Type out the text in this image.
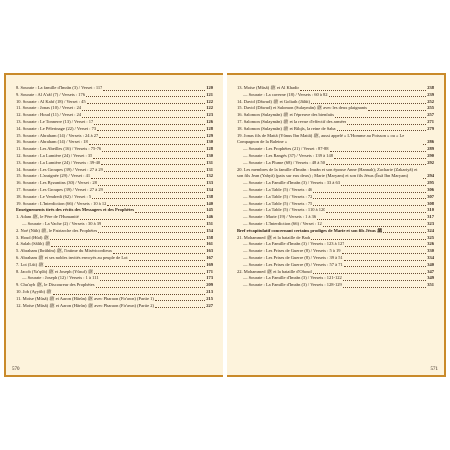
8. Sourate : La famille d'Imrân (3) / Verset : 117	120
9. Sourate : Al A'râf (7) / Versets : 176	121
10. Sourate : Al Kahf (18) / Verset : 45	122
11. Sourate : Jonas (10) / Verset : 24	122
12. Sourate : Houd (11) / Verset : 24	123
13. Sourate : Le Tonnerre (13) / Verset : 17	126
14. Sourate : Le Pèlerinage (22) / Verset : 73	128
15. Sourate : Abraham (14) / Versets : 24 à 27	129
16. Sourate : Abraham (14) / Verset : 18	130
11. Sourate : Les Abeilles (16) / Versets : 75-76	128
12. Sourate : La Lumière (24) / Verset : 35	130
13. Sourate : La Lumière (24) / Versets : 39-40	131
14. Sourate : Les Groupes (39) / Verset : 27 à 29	131
15. Sourate : L'araignée (29) / Verset : 41	132
16. Sourate : Les Byzantins (30) / Verset : 28	133
17. Sourate : Les Groupes (39) / Verset : 27 à 29	134
18. Sourate : Le Vendredi (62) / Verset : 5	138
19. Sourate : L'Interdiction (66) / Versets : 10 à 12	140
Enseignements tirés des récits des Messagers et des Prophètes	145
1. Adam ﷺ, le Père de l'Humanité	146
— Sourate : La Vache (2) / Versets : 30 à 39	151
2. Noé (Nûh) ﷺ, le Patriarche des Prophètes	154
3. Houd (Hûd) ﷺ	158
4. Salah (Sâlih) ﷺ	161
5. Abraham (Ibrâhîm) ﷺ, l'intime du Miséricordieux	163
6. Abraham ﷺ et ses nobles invités envoyés au peuple de Lot	167
7. Lot (Lût) ﷺ	169
8. Jacob (Ya'qûb) ﷺ et Joseph (Yûsuf) ﷺ	171
— Sourate : Joseph (12) / Versets : 1 à 111	173
9. Chu'ayb ﷺ, le Discoureur des Prophètes	209
10. Job (Ayyûb) ﷺ	213
11. Moïse (Mûsâ) ﷺ et Aaron (Hârûn) ﷺ avec Pharaon (Fir'awn) (Partie 1)	215
12. Moïse (Mûsâ) ﷺ et Aaron (Hârûn) ﷺ avec Pharaon (Fir'awn) (Partie 2)	227
570
13. Moïse (Mûsâ) ﷺ et Al Khadir	238
— Sourate : La caverne (18) / Versets : 60 à 82	239
14. David (Dâwud) ﷺ et Goliath (Jâlût)	252
15. David (Dâwud) et Salomon (Sulaymân) ﷺ avec les deux plaignants	255
16. Salomon (Sulaymân) ﷺ et l'épreuve des bienfaits	257
17. Salomon (Sulaymân) ﷺ et la revue d'effectif des armées	271
18. Salomon (Sulaymân) ﷺ et Bilqîs, la reine de Saba	279
19. Jonas fils de Mattâ (Yûnus Ibn Mattâ) ﷺ, aussi appelé « L'Homme au Poisson » ou « Le Compagnon de la Baleine »	286
— Sourate : Les Prophètes (21) / Verset : 87-88	289
— Sourate : Les Rangés (37) / Versets : 139 à 148	290
— Sourate : La Plume (68) / Versets : 48 à 50	292
20. Les membres de la famille d'Imrân : Imrân et son épouse Anne (Hannah); Zacharie (Zakariyâ) et son fils Jean (Yahyâ) (paix sur eux deux) ; Marie (Maryam) et son fils Jésus (Îssâ Ibn Maryam)	294
— Sourate : La Famille d'Imrân (3) / Versets : 33 à 63	295
— Sourate : La Table (5) / Versets : 46	306
— Sourate : La Table (5) / Versets : 72	307
— Sourate : La Table (5) / Versets : 75	308
— Sourate : La Table (5) / Versets : 110 à 120	310
— Sourate : Marie (19) / Versets : 1 à 36	317
— Sourate : L'Interdiction (66) / Verset : 12	323
Bref récapitulatif concernant certains prodiges de Marie et son fils Jésus ﷺ	324
21. Mohammed ﷺ et la bataille de Badr	325
— Sourate : La Famille d'Imrân (3) / Versets : 123 à 127	326
— Sourate : Les Prises de Guerre (8) / Versets : 5 à 19	330
— Sourate : Les Prises de Guerre (8) / Versets : 39 à 51	334
— Sourate : Les Prises de Guerre (8) / Versets : 57 à 71	340
22. Mohammed ﷺ et la bataille d'Ohoud	347
— Sourate : La Famille d'Imrân (3) / Versets : 121-122	349
— Sourate : La Famille d'Imrân (3) / Versets : 128-129	351
571
